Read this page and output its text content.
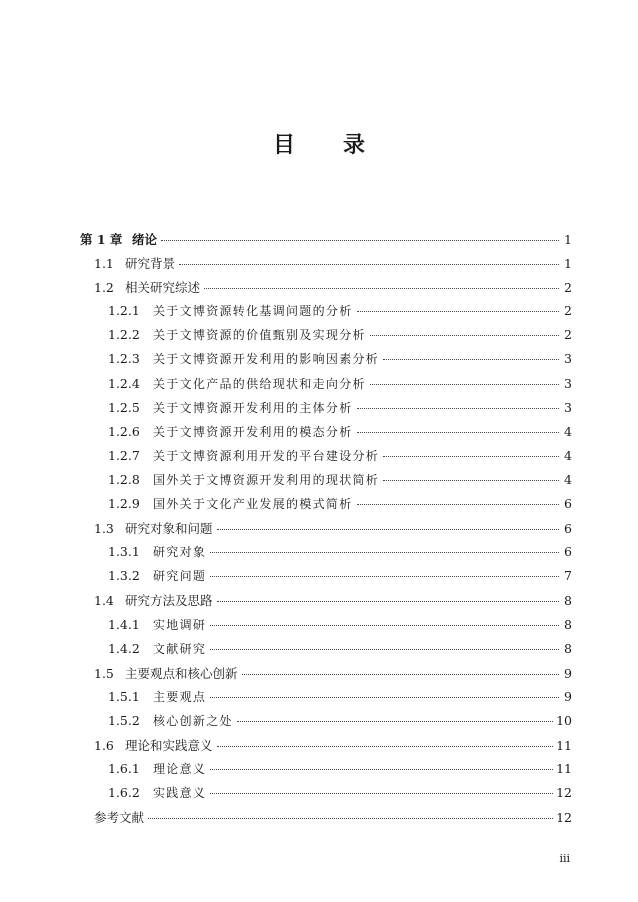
目 录
第 1 章 绪论	1
1.1 研究背景	1
1.2 相关研究综述	2
1.2.1	关于文博资源转化基调问题的分析	2
1.2.2	关于文博资源的价值甄别及实现分析	2
1.2.3	关于文博资源开发利用的影响因素分析	3
1.2.4	关于文化产品的供给现状和走向分析	3
1.2.5	关于文博资源开发利用的主体分析	3
1.2.6	关于文博资源开发利用的模态分析	4
1.2.7	关于文博资源利用开发的平台建设分析	4
1.2.8	国外关于文博资源开发利用的现状简析	4
1.2.9	国外关于文化产业发展的模式简析	6
1.3 研究对象和问题	6
1.3.1	研究对象	6
1.3.2	研究问题	7
1.4 研究方法及思路	8
1.4.1	实地调研	8
1.4.2	文献研究	8
1.5 主要观点和核心创新	9
1.5.1	主要观点	9
1.5.2	核心创新之处	10
1.6 理论和实践意义	11
1.6.1	理论意义	11
1.6.2	实践意义	12
参考文献	12
iii
